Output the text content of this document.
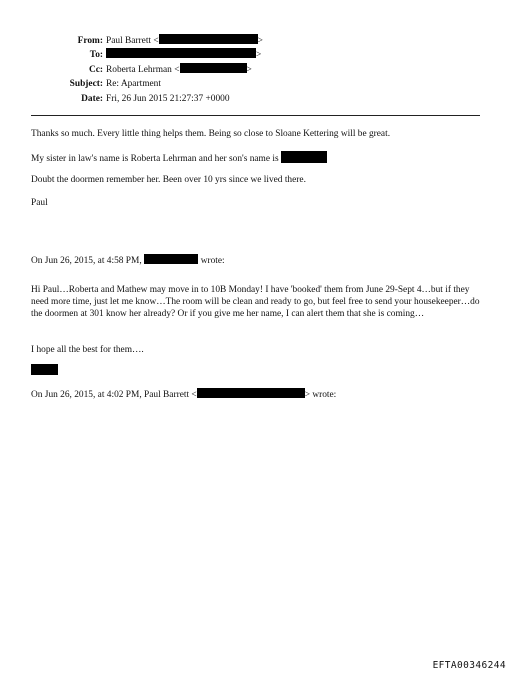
From: Paul Barrett <	>
To:	>
Cc: Roberta Lehrman <	>
Subject: Re: Apartment
Date: Fri, 26 Jun 2015 21:27:37 +0000
Thanks so much. Every little thing helps them. Being so close to Sloane Kettering will be great.
My sister in law's name is Roberta Lehrman and her son's name is
Doubt the doormen remember her. Been over 10 yrs since we lived there.
Paul
On Jun 26, 2015, at 4:58 PM,	wrote:
Hi Paul…Roberta and Mathew may move in to 10B Monday! I have 'booked' them from June 29-Sept 4…but if they need more time, just let me know…The room will be clean and ready to go, but feel free to send your housekeeper…do the doormen at 301 know her already? Or if you give me her name, I can alert them that she is coming…
I hope all the best for them….
On Jun 26, 2015, at 4:02 PM, Paul Barrett <	> wrote:
EFTA00346244
